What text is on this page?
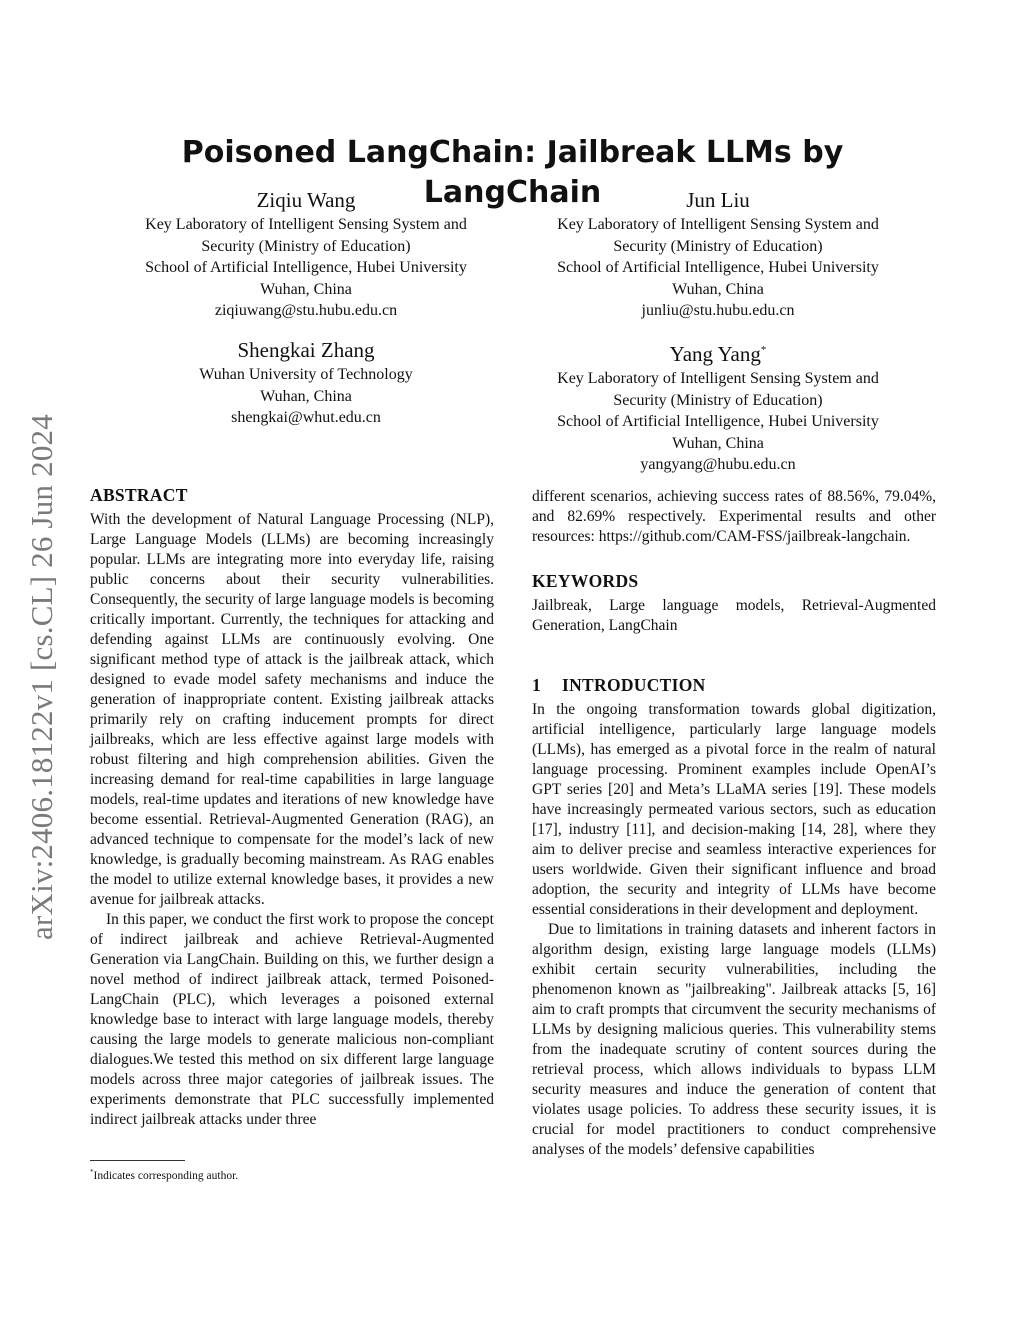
arXiv:2406.18122v1 [cs.CL] 26 Jun 2024
Poisoned LangChain: Jailbreak LLMs by LangChain
Ziqiu Wang
Key Laboratory of Intelligent Sensing System and
Security (Ministry of Education)
School of Artificial Intelligence, Hubei University
Wuhan, China
ziqiuwang@stu.hubu.edu.cn
Jun Liu
Key Laboratory of Intelligent Sensing System and
Security (Ministry of Education)
School of Artificial Intelligence, Hubei University
Wuhan, China
junliu@stu.hubu.edu.cn
Shengkai Zhang
Wuhan University of Technology
Wuhan, China
shengkai@whut.edu.cn
Yang Yang*
Key Laboratory of Intelligent Sensing System and
Security (Ministry of Education)
School of Artificial Intelligence, Hubei University
Wuhan, China
yangyang@hubu.edu.cn
ABSTRACT

With the development of Natural Language Processing (NLP), Large Language Models (LLMs) are becoming increasingly popular. LLMs are integrating more into everyday life, raising public concerns about their security vulnerabilities. Consequently, the security of large language models is becoming critically important. Currently, the techniques for attacking and defending against LLMs are continuously evolving. One significant method type of attack is the jailbreak attack, which designed to evade model safety mechanisms and induce the generation of inappropriate content. Existing jailbreak attacks primarily rely on crafting inducement prompts for direct jailbreaks, which are less effective against large models with robust filtering and high comprehension abilities. Given the increasing demand for real-time capabilities in large language models, real-time updates and iterations of new knowledge have become essential. Retrieval-Augmented Generation (RAG), an advanced technique to compensate for the model’s lack of new knowledge, is gradually becoming mainstream. As RAG enables the model to utilize external knowledge bases, it provides a new avenue for jailbreak attacks.

In this paper, we conduct the first work to propose the concept of indirect jailbreak and achieve Retrieval-Augmented Generation via LangChain. Building on this, we further design a novel method of indirect jailbreak attack, termed Poisoned-LangChain (PLC), which leverages a poisoned external knowledge base to interact with large language models, thereby causing the large models to generate malicious non-compliant dialogues.We tested this method on six different large language models across three major categories of jailbreak issues. The experiments demonstrate that PLC successfully implemented indirect jailbreak attacks under three

*Indicates corresponding author.

different scenarios, achieving success rates of 88.56%, 79.04%, and 82.69% respectively. Experimental results and other resources: https://github.com/CAM-FSS/jailbreak-langchain.

KEYWORDS

Jailbreak, Large language models, Retrieval-Augmented Generation, LangChain

1 INTRODUCTION

In the ongoing transformation towards global digitization, artificial intelligence, particularly large language models (LLMs), has emerged as a pivotal force in the realm of natural language processing. Prominent examples include OpenAI’s GPT series [20] and Meta’s LLaMA series [19]. These models have increasingly permeated various sectors, such as education [17], industry [11], and decision-making [14, 28], where they aim to deliver precise and seamless interactive experiences for users worldwide. Given their significant influence and broad adoption, the security and integrity of LLMs have become essential considerations in their development and deployment.

Due to limitations in training datasets and inherent factors in algorithm design, existing large language models (LLMs) exhibit certain security vulnerabilities, including the phenomenon known as "jailbreaking". Jailbreak attacks [5, 16] aim to craft prompts that circumvent the security mechanisms of LLMs by designing malicious queries. This vulnerability stems from the inadequate scrutiny of content sources during the retrieval process, which allows individuals to bypass LLM security measures and induce the generation of content that violates usage policies. To address these security issues, it is crucial for model practitioners to conduct comprehensive analyses of the models’ defensive capabilities
